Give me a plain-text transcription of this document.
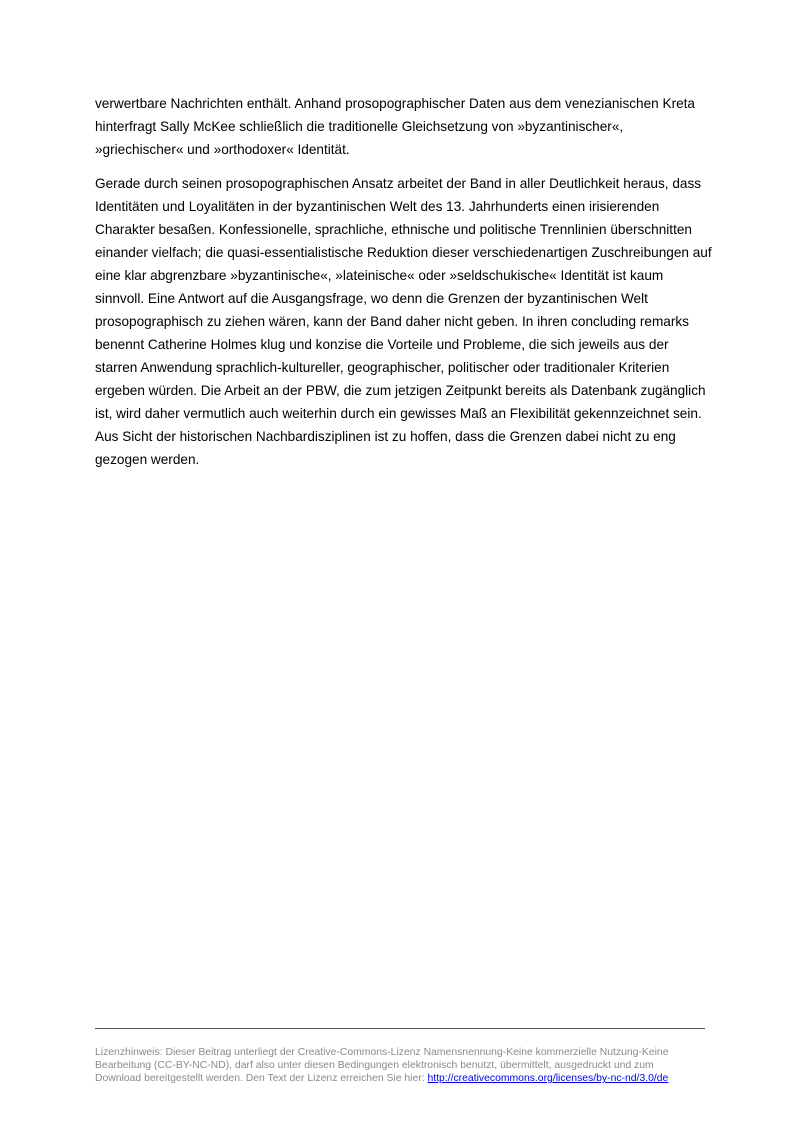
verwertbare Nachrichten enthält. Anhand prosopographischer Daten aus dem venezianischen Kreta
hinterfragt Sally McKee schließlich die traditionelle Gleichsetzung von »byzantinischer«,
»griechischer« und »orthodoxer« Identität.

Gerade durch seinen prosopographischen Ansatz arbeitet der Band in aller Deutlichkeit heraus, dass
Identitäten und Loyalitäten in der byzantinischen Welt des 13. Jahrhunderts einen irisierenden
Charakter besaßen. Konfessionelle, sprachliche, ethnische und politische Trennlinien überschnitten
einander vielfach; die quasi-essentialistische Reduktion dieser verschiedenartigen Zuschreibungen auf
eine klar abgrenzbare »byzantinische«, »lateinische« oder »seldschukische« Identität ist kaum
sinnvoll. Eine Antwort auf die Ausgangsfrage, wo denn die Grenzen der byzantinischen Welt
prosopographisch zu ziehen wären, kann der Band daher nicht geben. In ihren concluding remarks
benennt Catherine Holmes klug und konzise die Vorteile und Probleme, die sich jeweils aus der
starren Anwendung sprachlich-kultureller, geographischer, politischer oder traditionaler Kriterien
ergeben würden. Die Arbeit an der PBW, die zum jetzigen Zeitpunkt bereits als Datenbank zugänglich
ist, wird daher vermutlich auch weiterhin durch ein gewisses Maß an Flexibilität gekennzeichnet sein.
Aus Sicht der historischen Nachbardisziplinen ist zu hoffen, dass die Grenzen dabei nicht zu eng
gezogen werden.

Lizenzhinweis: Dieser Beitrag unterliegt der Creative-Commons-Lizenz Namensnennung-Keine kommerzielle Nutzung-Keine
Bearbeitung (CC-BY-NC-ND), darf also unter diesen Bedingungen elektronisch benutzt, übermittelt, ausgedruckt und zum
Download bereitgestellt werden. Den Text der Lizenz erreichen Sie hier: http://creativecommons.org/licenses/by-nc-nd/3.0/de
